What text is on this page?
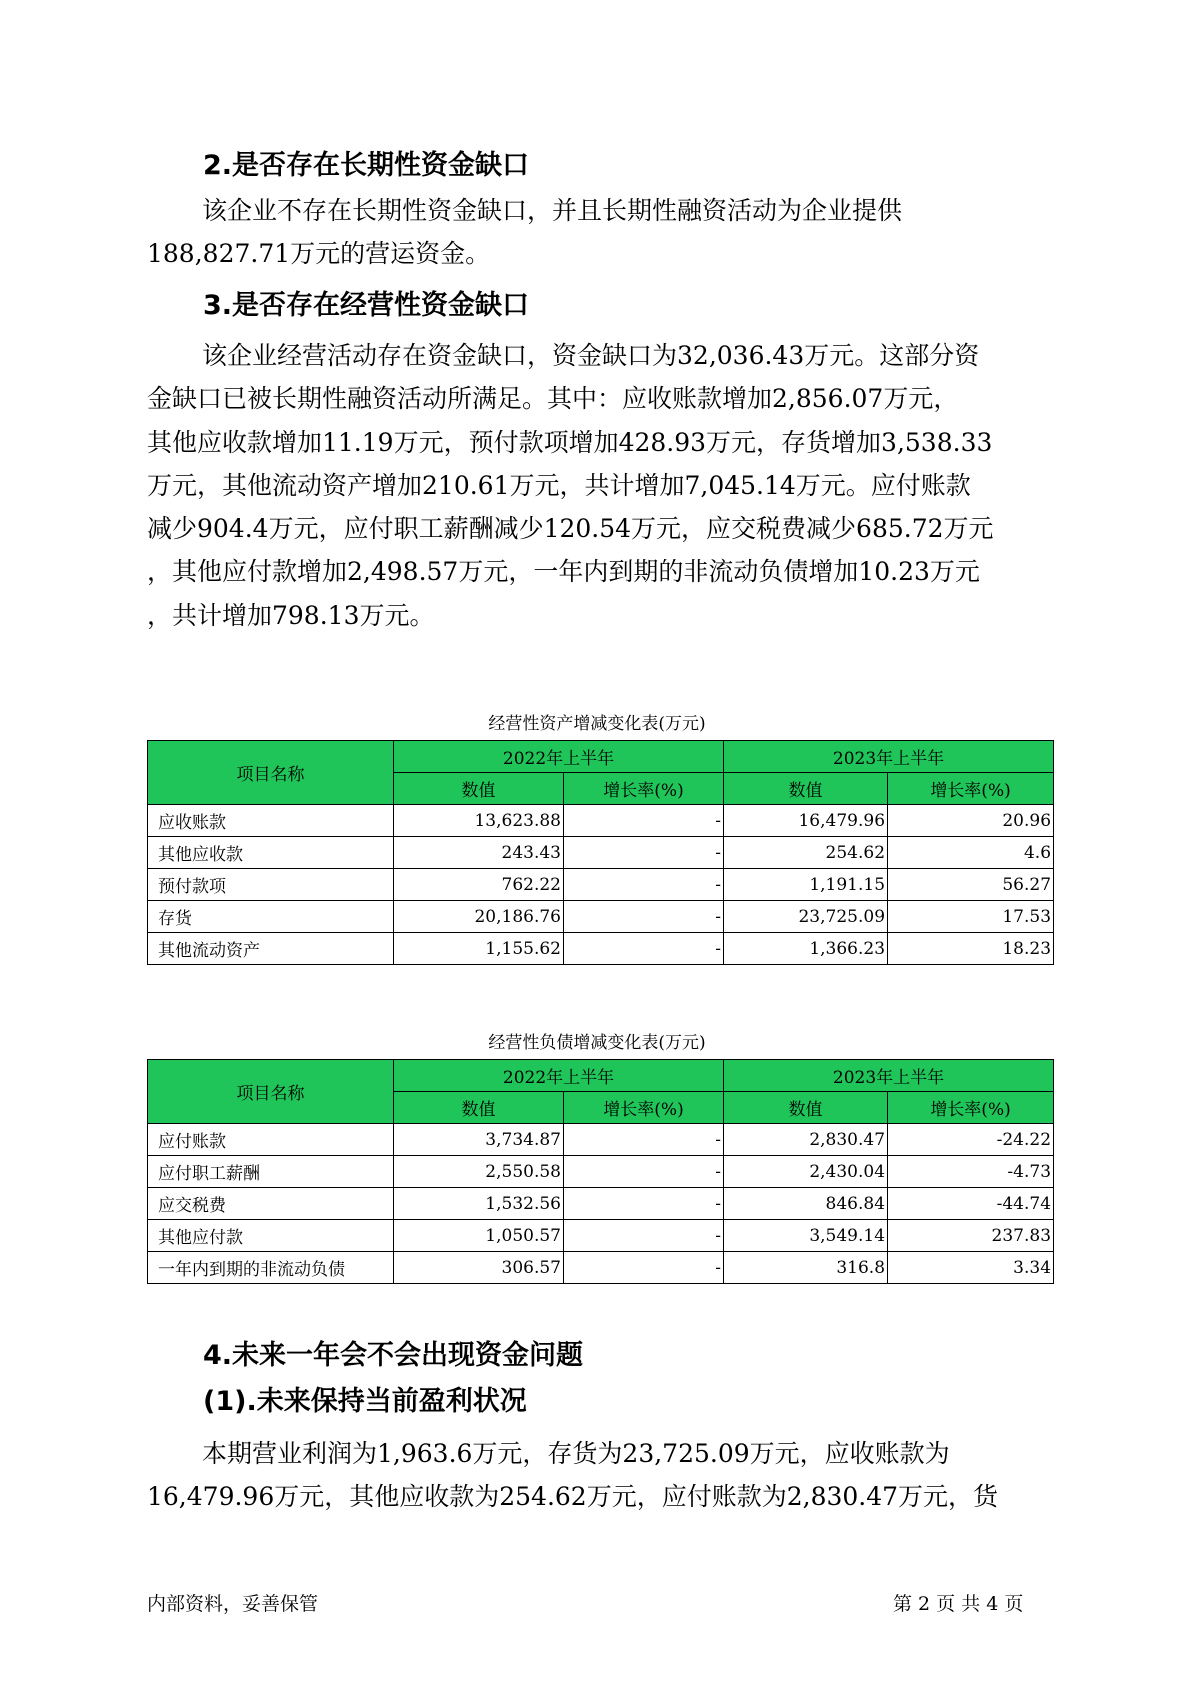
2.是否存在长期性资金缺口
该企业不存在长期性资金缺口，并且长期性融资活动为企业提供
188,827.71万元的营运资金。
3.是否存在经营性资金缺口
该企业经营活动存在资金缺口，资金缺口为32,036.43万元。这部分资
金缺口已被长期性融资活动所满足。其中：应收账款增加2,856.07万元，
其他应收款增加11.19万元，预付款项增加428.93万元，存货增加3,538.33
万元，其他流动资产增加210.61万元，共计增加7,045.14万元。应付账款
减少904.4万元，应付职工薪酬减少120.54万元，应交税费减少685.72万元
，其他应付款增加2,498.57万元，一年内到期的非流动负债增加10.23万元
，共计增加798.13万元。
经营性资产增减变化表(万元)
项目名称	2022年上半年		2023年上半年	
	数值	增长率(%)	数值	增长率(%)
应收账款	13,623.88	-	16,479.96	20.96
其他应收款	243.43	-	254.62	4.6
预付款项	762.22	-	1,191.15	56.27
存货	20,186.76	-	23,725.09	17.53
其他流动资产	1,155.62	-	1,366.23	18.23
经营性负债增减变化表(万元)
项目名称	2022年上半年		2023年上半年	
	数值	增长率(%)	数值	增长率(%)
应付账款	3,734.87	-	2,830.47	-24.22
应付职工薪酬	2,550.58	-	2,430.04	-4.73
应交税费	1,532.56	-	846.84	-44.74
其他应付款	1,050.57	-	3,549.14	237.83
一年内到期的非流动负债	306.57	-	316.8	3.34
4.未来一年会不会出现资金问题
(1).未来保持当前盈利状况
本期营业利润为1,963.6万元，存货为23,725.09万元，应收账款为
16,479.96万元，其他应收款为254.62万元，应付账款为2,830.47万元，货
内部资料，妥善保管	第 2 页 共 4 页
